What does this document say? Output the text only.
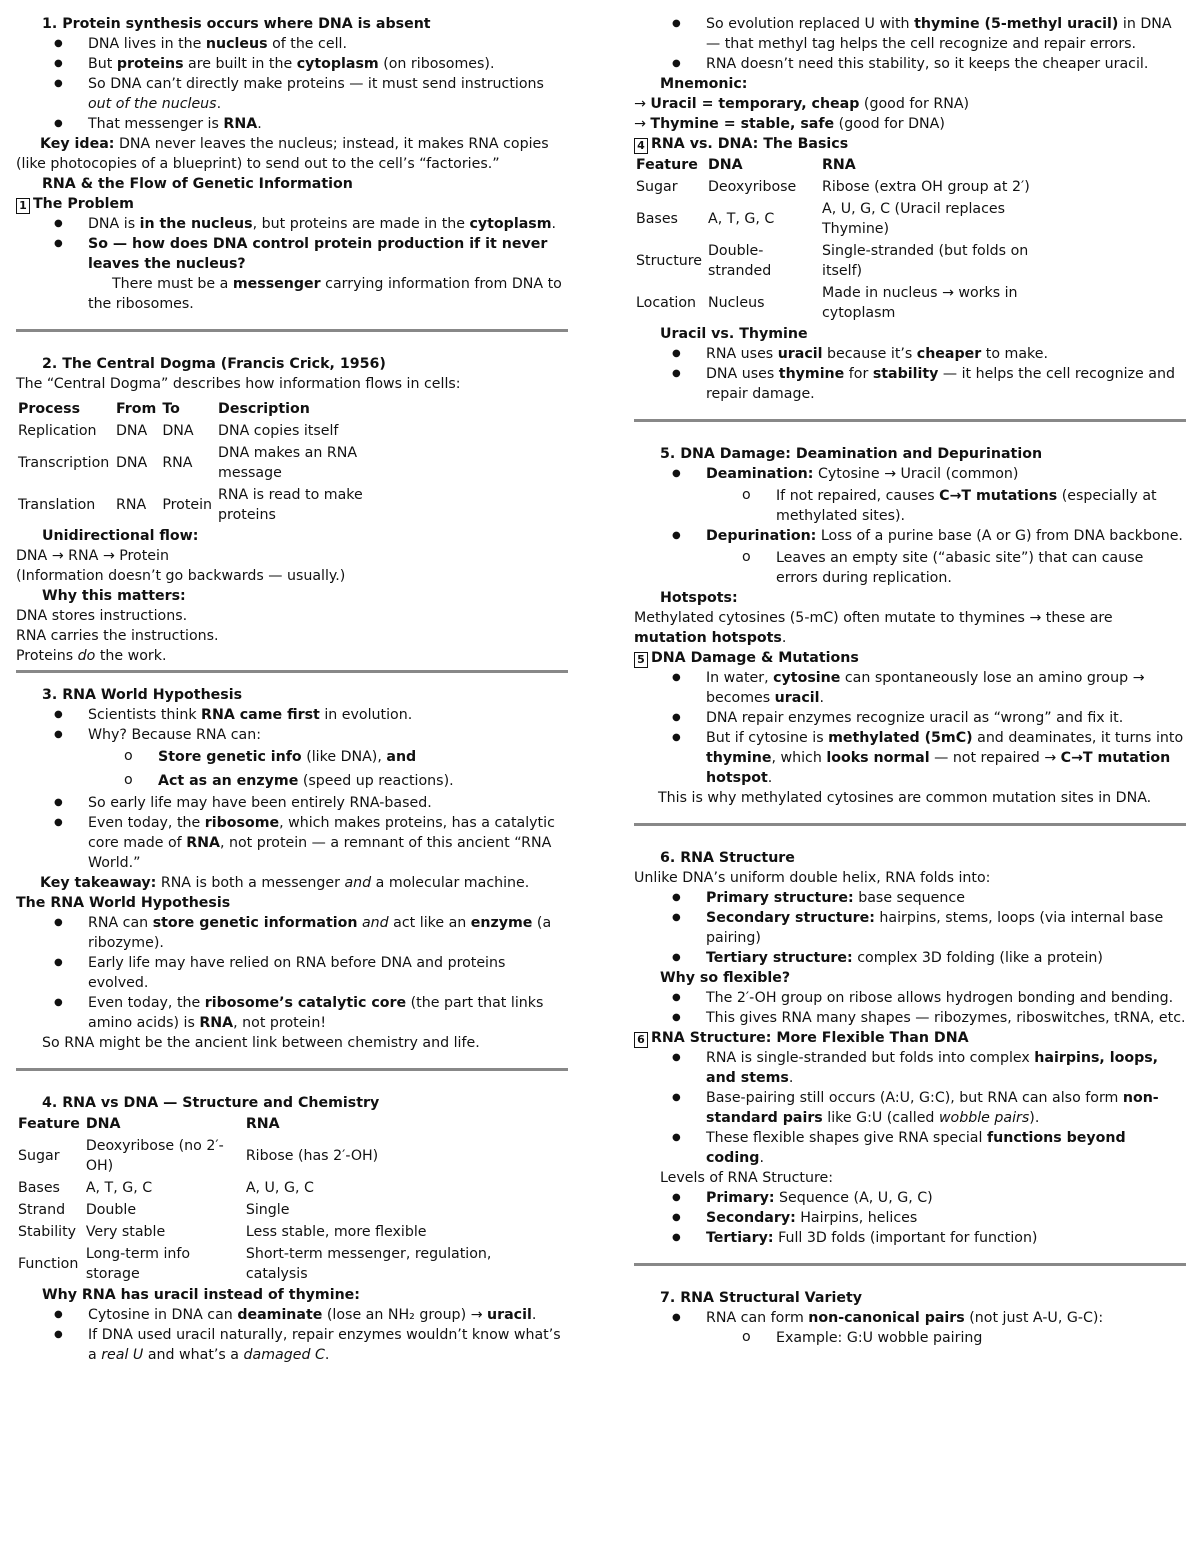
1. Protein synthesis occurs where DNA is absent
● DNA lives in the nucleus of the cell.
● But proteins are built in the cytoplasm (on ribosomes).
● So DNA can’t directly make proteins — it must send instructions out of the nucleus.
● That messenger is RNA.
Key idea: DNA never leaves the nucleus; instead, it makes RNA copies (like photocopies of a blueprint) to send out to the cell’s “factories.”
RNA & the Flow of Genetic Information
1 The Problem
● DNA is in the nucleus, but proteins are made in the cytoplasm.
● So — how does DNA control protein production if it never leaves the nucleus?
There must be a messenger carrying information from DNA to the ribosomes.
2. The Central Dogma (Francis Crick, 1956)
The “Central Dogma” describes how information flows in cells:
Process	From	To	Description
Replication	DNA	DNA	DNA copies itself
Transcription	DNA	RNA	DNA makes an RNA message
Translation	RNA	Protein	RNA is read to make proteins
Unidirectional flow:
DNA → RNA → Protein
(Information doesn’t go backwards — usually.)
Why this matters:
DNA stores instructions.
RNA carries the instructions.
Proteins do the work.
3. RNA World Hypothesis
● Scientists think RNA came first in evolution.
● Why? Because RNA can:
o Store genetic info (like DNA), and
o Act as an enzyme (speed up reactions).
● So early life may have been entirely RNA-based.
● Even today, the ribosome, which makes proteins, has a catalytic core made of RNA, not protein — a remnant of this ancient “RNA World.”
Key takeaway: RNA is both a messenger and a molecular machine.
The RNA World Hypothesis
● RNA can store genetic information and act like an enzyme (a ribozyme).
● Early life may have relied on RNA before DNA and proteins evolved.
● Even today, the ribosome’s catalytic core (the part that links amino acids) is RNA, not protein!
So RNA might be the ancient link between chemistry and life.
4. RNA vs DNA — Structure and Chemistry
Feature	DNA	RNA
Sugar	Deoxyribose (no 2′-OH)	Ribose (has 2′-OH)
Bases	A, T, G, C	A, U, G, C
Strand	Double	Single
Stability	Very stable	Less stable, more flexible
Function	Long-term info storage	Short-term messenger, regulation, catalysis
Why RNA has uracil instead of thymine:
● Cytosine in DNA can deaminate (lose an NH₂ group) → uracil.
● If DNA used uracil naturally, repair enzymes wouldn’t know what’s a real U and what’s a damaged C.
● So evolution replaced U with thymine (5-methyl uracil) in DNA — that methyl tag helps the cell recognize and repair errors.
● RNA doesn’t need this stability, so it keeps the cheaper uracil.
Mnemonic:
→ Uracil = temporary, cheap (good for RNA)
→ Thymine = stable, safe (good for DNA)
4 RNA vs. DNA: The Basics
Feature	DNA	RNA
Sugar	Deoxyribose	Ribose (extra OH group at 2′)
Bases	A, T, G, C	A, U, G, C (Uracil replaces Thymine)
Structure	Double-stranded	Single-stranded (but folds on itself)
Location	Nucleus	Made in nucleus → works in cytoplasm
Uracil vs. Thymine
● RNA uses uracil because it’s cheaper to make.
● DNA uses thymine for stability — it helps the cell recognize and repair damage.
5. DNA Damage: Deamination and Depurination
● Deamination: Cytosine → Uracil (common)
o If not repaired, causes C→T mutations (especially at methylated sites).
● Depurination: Loss of a purine base (A or G) from DNA backbone.
o Leaves an empty site (“abasic site”) that can cause errors during replication.
Hotspots:
Methylated cytosines (5-mC) often mutate to thymines → these are mutation hotspots.
5 DNA Damage & Mutations
● In water, cytosine can spontaneously lose an amino group → becomes uracil.
● DNA repair enzymes recognize uracil as “wrong” and fix it.
● But if cytosine is methylated (5mC) and deaminates, it turns into thymine, which looks normal — not repaired → C→T mutation hotspot.
This is why methylated cytosines are common mutation sites in DNA.
6. RNA Structure
Unlike DNA’s uniform double helix, RNA folds into:
● Primary structure: base sequence
● Secondary structure: hairpins, stems, loops (via internal base pairing)
● Tertiary structure: complex 3D folding (like a protein)
Why so flexible?
● The 2′-OH group on ribose allows hydrogen bonding and bending.
● This gives RNA many shapes — ribozymes, riboswitches, tRNA, etc.
6 RNA Structure: More Flexible Than DNA
● RNA is single-stranded but folds into complex hairpins, loops, and stems.
● Base-pairing still occurs (A:U, G:C), but RNA can also form non-standard pairs like G:U (called wobble pairs).
● These flexible shapes give RNA special functions beyond coding.
Levels of RNA Structure:
● Primary: Sequence (A, U, G, C)
● Secondary: Hairpins, helices
● Tertiary: Full 3D folds (important for function)
7. RNA Structural Variety
● RNA can form non-canonical pairs (not just A-U, G-C):
o Example: G:U wobble pairing
